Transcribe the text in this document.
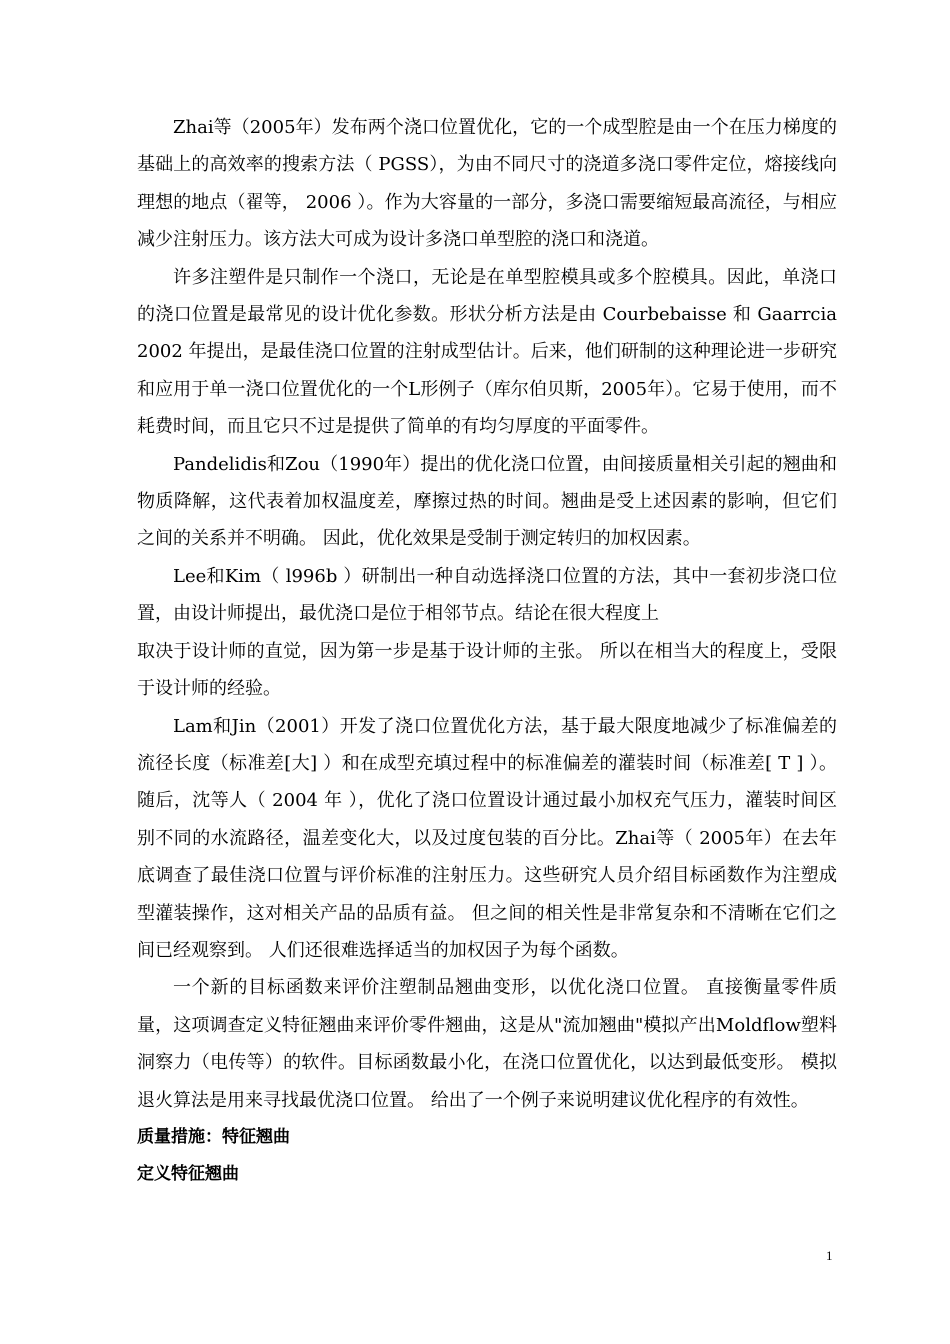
Zhai等（2005年）发布两个浇口位置优化，它的一个成型腔是由一个在压力梯度的基础上的高效率的搜索方法（ PGSS），为由不同尺寸的浇道多浇口零件定位，熔接线向理想的地点（翟等， 2006 ）。作为大容量的一部分，多浇口需要缩短最高流径，与相应减少注射压力。该方法大可成为设计多浇口单型腔的浇口和浇道。

许多注塑件是只制作一个浇口，无论是在单型腔模具或多个腔模具。因此，单浇口的浇口位置是最常见的设计优化参数。形状分析方法是由 Courbebaisse 和 Gaarrcia 2002 年提出，是最佳浇口位置的注射成型估计。后来，他们研制的这种理论进一步研究和应用于单一浇口位置优化的一个L形例子（库尔伯贝斯，2005年）。它易于使用，而不耗费时间，而且它只不过是提供了简单的有均匀厚度的平面零件。

Pandelidis和Zou（1990年）提出的优化浇口位置，由间接质量相关引起的翘曲和物质降解，这代表着加权温度差，摩擦过热的时间。翘曲是受上述因素的影响，但它们之间的关系并不明确。 因此，优化效果是受制于测定转归的加权因素。

Lee和Kim（ l996b ）研制出一种自动选择浇口位置的方法，其中一套初步浇口位置，由设计师提出，最优浇口是位于相邻节点。结论在很大程度上

取决于设计师的直觉，因为第一步是基于设计师的主张。 所以在相当大的程度上，受限于设计师的经验。

Lam和Jin（2001）开发了浇口位置优化方法，基于最大限度地减少了标准偏差的流径长度（标准差[大] ）和在成型充填过程中的标准偏差的灌装时间（标准差[ T ] ）。随后，沈等人（ 2004 年 ），优化了浇口位置设计通过最小加权充气压力，灌装时间区别不同的水流路径，温差变化大，以及过度包装的百分比。Zhai等（ 2005年）在去年底调查了最佳浇口位置与评价标准的注射压力。这些研究人员介绍目标函数作为注塑成型灌装操作，这对相关产品的品质有益。 但之间的相关性是非常复杂和不清晰在它们之间已经观察到。 人们还很难选择适当的加权因子为每个函数。

一个新的目标函数来评价注塑制品翘曲变形，以优化浇口位置。 直接衡量零件质量，这项调查定义特征翘曲来评价零件翘曲，这是从"流加翘曲"模拟产出Moldflow塑料洞察力（电传等）的软件。目标函数最小化，在浇口位置优化，以达到最低变形。 模拟退火算法是用来寻找最优浇口位置。 给出了一个例子来说明建议优化程序的有效性。

质量措施：特征翘曲
定义特征翘曲
1
